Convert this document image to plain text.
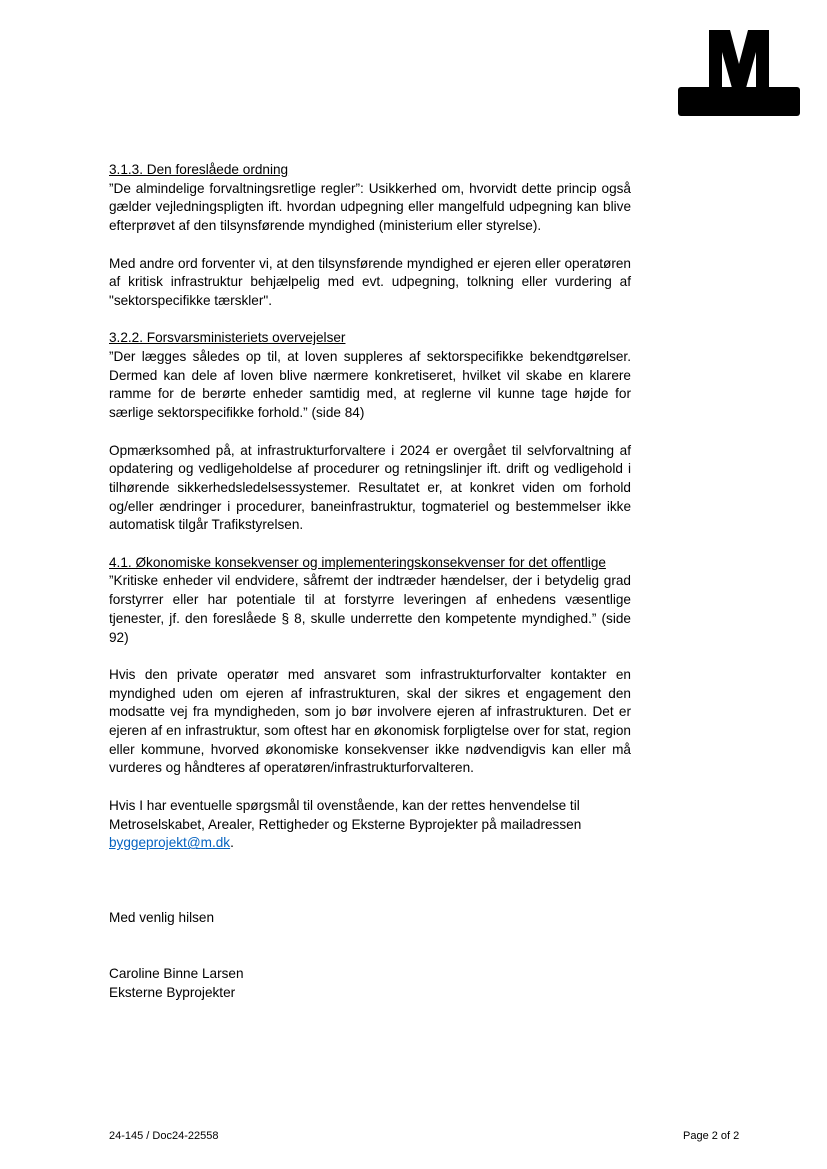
3.1.3. Den foreslåede ordning

”De almindelige forvaltningsretlige regler”: Usikkerhed om, hvorvidt dette princip også gælder vejledningspligten ift. hvordan udpegning eller mangelfuld udpegning kan blive efterprøvet af den tilsynsførende myndighed (ministerium eller styrelse).

Med andre ord forventer vi, at den tilsynsførende myndighed er ejeren eller operatøren af kritisk infrastruktur behjælpelig med evt. udpegning, tolkning eller vurdering af "sektorspecifikke tærskler".

3.2.2. Forsvarsministeriets overvejelser

”Der lægges således op til, at loven suppleres af sektorspecifikke bekendtgørelser. Dermed kan dele af loven blive nærmere konkretiseret, hvilket vil skabe en klarere ramme for de berørte enheder samtidig med, at reglerne vil kunne tage højde for særlige sektorspecifikke forhold.” (side 84)

Opmærksomhed på, at infrastrukturforvaltere i 2024 er overgået til selvforvaltning af opdatering og vedligeholdelse af procedurer og retningslinjer ift. drift og vedligehold i tilhørende sikkerhedsledelsessystemer. Resultatet er, at konkret viden om forhold og/eller ændringer i procedurer, baneinfrastruktur, togmateriel og bestemmelser ikke automatisk tilgår Trafikstyrelsen.

4.1. Økonomiske konsekvenser og implementeringskonsekvenser for det offentlige

”Kritiske enheder vil endvidere, såfremt der indtræder hændelser, der i betydelig grad forstyrrer eller har potentiale til at forstyrre leveringen af enhedens væsentlige tjenester, jf. den foreslåede § 8, skulle underrette den kompetente myndighed.” (side 92)

Hvis den private operatør med ansvaret som infrastrukturforvalter kontakter en myndighed uden om ejeren af infrastrukturen, skal der sikres et engagement den modsatte vej fra myndigheden, som jo bør involvere ejeren af infrastrukturen. Det er ejeren af en infrastruktur, som oftest har en økonomisk forpligtelse over for stat, region eller kommune, hvorved økonomiske konsekvenser ikke nødvendigvis kan eller må vurderes og håndteres af operatøren/infrastrukturforvalteren.

Hvis I har eventuelle spørgsmål til ovenstående, kan der rettes henvendelse til Metroselskabet, Arealer, Rettigheder og Eksterne Byprojekter på mailadressen byggeprojekt@m.dk.

Med venlig hilsen
Caroline Binne Larsen
Eksterne Byprojekter
24-145 / Doc24-22558	Page 2 of 2
